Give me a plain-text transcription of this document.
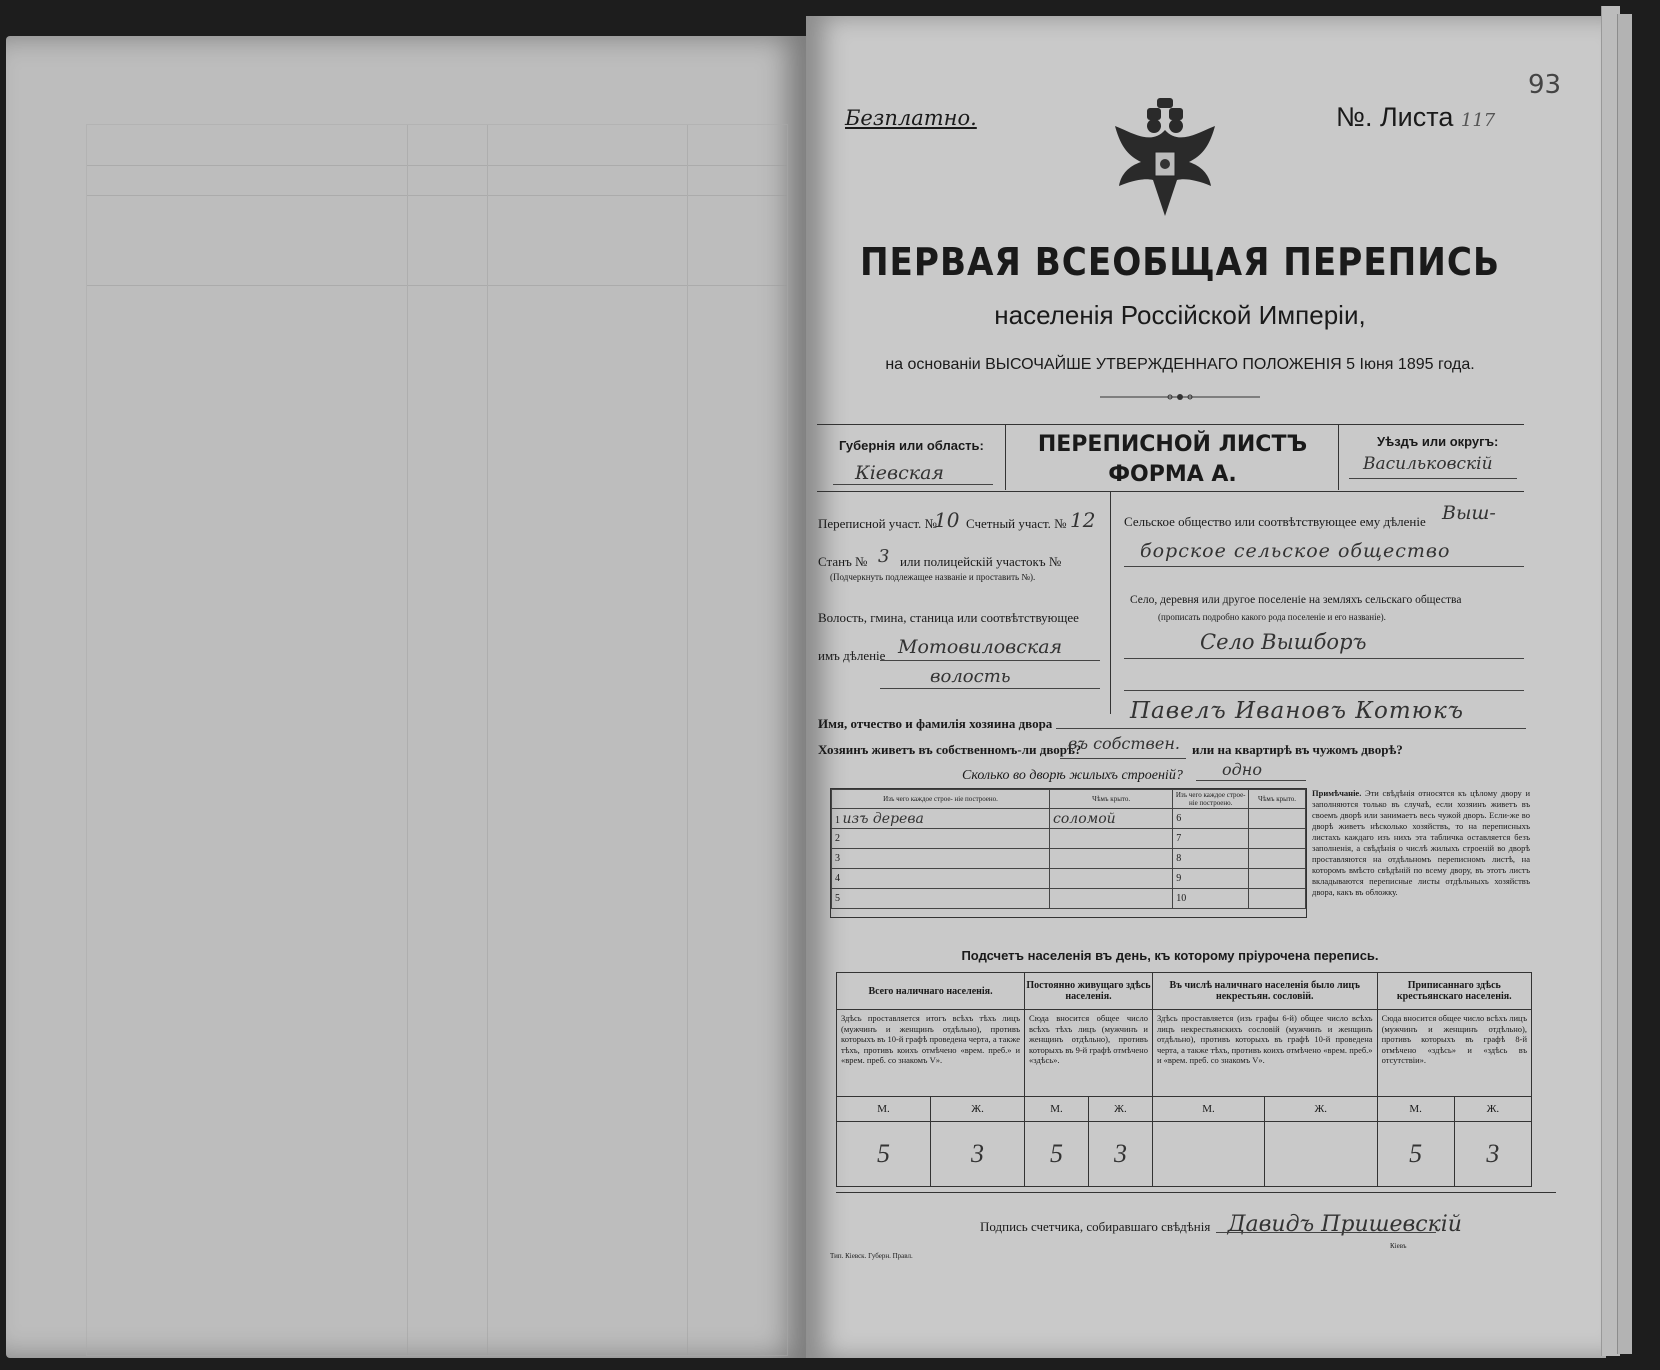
Безплатно.	№. Листа 117
93
ПЕРВАЯ ВСЕОБЩАЯ ПЕРЕПИСЬ
населенія Россійской Имперіи,
на основаніи ВЫСОЧАЙШЕ УТВЕРЖДЕННАГО ПОЛОЖЕНІЯ 5 Іюня 1895 года.
Губернія или область:
Кіевская
ПЕРЕПИСНОЙ ЛИСТЪ
ФОРМА А.
Уѣздъ или округъ:
Васильковскій
Переписной участ. №
10 Счетный участ. № 12
Станъ № 3 или полицейскій участокъ №
(Подчеркнуть подлежащее названіе и проставить №).
Волость, гмина, станица или соотвѣтствующее
имъ дѣленіе Мотовиловская
волость
Сельское общество или соотвѣтствующее ему дѣленіе Выш-
борское сельское общество
Село, деревня или другое поселеніе на земляхъ сельскаго общества
(прописать подробно какого рода поселеніе и его названіе).
Село Вышборъ
Имя, отчество и фамилія хозяина двора	Павелъ Ивановъ Котюкъ
Хозяинъ живетъ въ собственномъ-ли дворѣ?
въ собствен. или на квартирѣ въ чужомъ дворѣ?
Сколько во дворѣ жилыхъ строеній? одно
Изъ чего каждое строе- ніе построено.	Чѣмъ крыто.	Изъ чего каждое строе- ніе построено.	Чѣмъ крыто.
1 изъ дерева	соломой	6	
2		7	
3		8	
4		9	
5		10	
Примѣчаніе. Эти свѣдѣнія относятся къ цѣлому двору и заполняются только въ случаѣ, если хозяинъ живетъ въ своемъ дворѣ или занимаетъ весь чужой дворъ. Если-же во дворѣ живетъ нѣсколько хозяйствъ, то на переписныхъ листахъ каждаго изъ нихъ эта табличка оставляется безъ заполненія, а свѣдѣнія о числѣ жилыхъ строеній во дворѣ проставляются на отдѣльномъ переписномъ листѣ, на которомъ вмѣсто свѣдѣній по всему двору, въ этотъ листъ вкладываются переписные листы отдѣльныхъ хозяйствъ двора, какъ въ обложку.
Подсчетъ населенія въ день, къ которому пріурочена перепись.
Всего наличнаго населенія.		Постоянно живущаго здѣсь населенія.		Въ числѣ наличнаго населенія было лицъ некрестьян. сословій.		Приписаннаго здѣсь крестьянскаго населенія.	
Здѣсь проставляется итогъ всѣхъ тѣхъ лицъ (мужчинъ и женщинъ отдѣльно), противъ которыхъ въ 10-й графѣ проведена черта, а также тѣхъ, противъ коихъ отмѣчено «врем. преб.» и «врем. преб. со знакомъ V».		Сюда вносится общее число всѣхъ тѣхъ лицъ (мужчинъ и женщинъ отдѣльно), противъ которыхъ въ 9-й графѣ отмѣчено «здѣсь».		Здѣсь проставляется (изъ графы 6-й) общее число всѣхъ лицъ некрестьянскихъ сословій (мужчинъ и женщинъ отдѣльно), противъ которыхъ въ графѣ 10-й проведена черта, а также тѣхъ, противъ коихъ отмѣчено «врем. преб.» и «врем. преб. со знакомъ V».		Сюда вносится общее число всѣхъ лицъ (мужчинъ и женщинъ отдѣльно), противъ которыхъ въ графѣ 8-й отмѣчено «здѣсь» и «здѣсь въ отсутствіи».	
М.	Ж.	М.	Ж.	М.	Ж.	М.	Ж.
5	3	5	3			5	3
Подпись счетчика, собиравшаго свѣдѣнія Давидъ Пришевскій
Тип. Кіевск. Губерн. Правл.
Кіевъ
